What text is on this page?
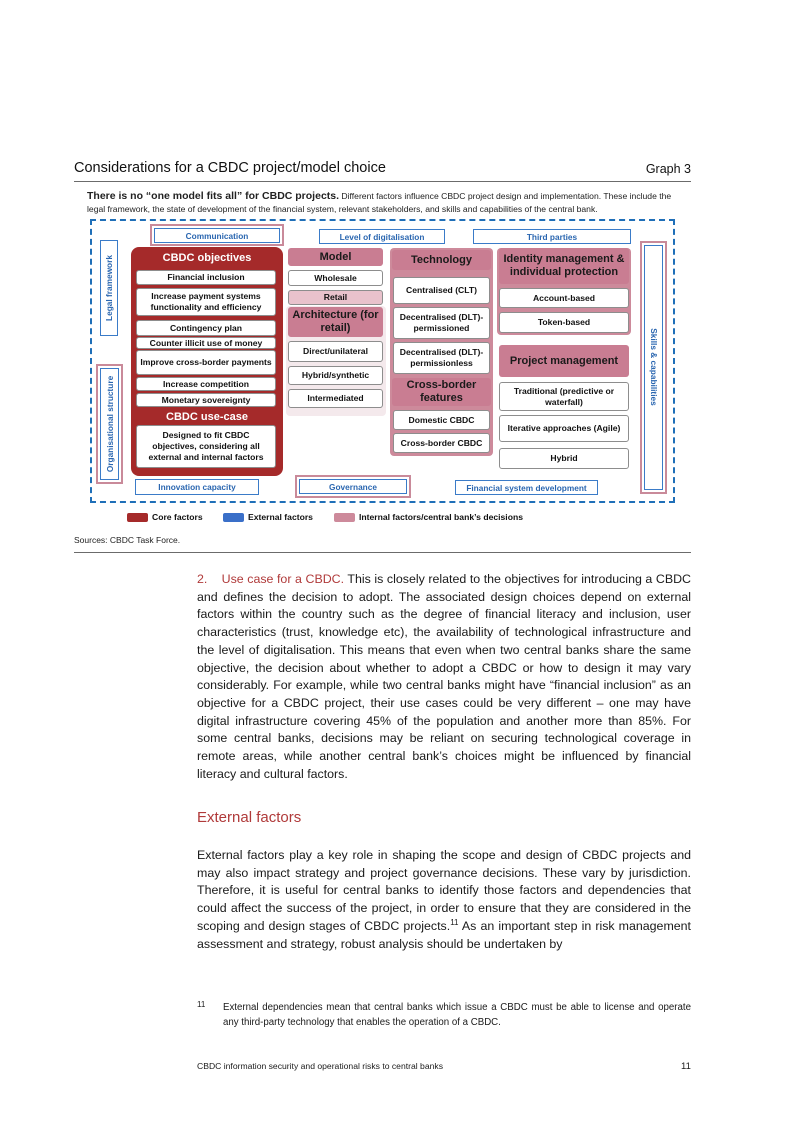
Considerations for a CBDC project/model choice	Graph 3
There is no “one model fits all” for CBDC projects. Different factors influence CBDC project design and implementation. These include the legal framework, the state of development of the financial system, relevant stakeholders, and skills and capabilities of the central bank.
Communication	Level of digitalisation	Third parties
Innovation capacity	Governance	Financial system development
Legal framework
Organisational structure
Skills & capabilities
CBDC objectives
Financial inclusion
Increase payment systems functionality and efficiency
Contingency plan
Counter illicit use of money
Improve cross-border payments
Increase competition
Monetary sovereignty
CBDC use-case
Designed to fit CBDC objectives, considering all external and internal factors
Model
Wholesale
Retail
Architecture (for retail)
Direct/unilateral
Hybrid/synthetic
Intermediated
Technology
Centralised (CLT)
Decentralised (DLT)-permissioned
Decentralised (DLT)-permissionless
Cross-border features
Domestic CBDC
Cross-border CBDC
Identity management & individual protection
Account-based
Token-based
Project management
Traditional (predictive or waterfall)
Iterative approaches (Agile)
Hybrid
Core factors	External factors	Internal factors/central bank’s decisions
Sources: CBDC Task Force.
2.    Use case for a CBDC. This is closely related to the objectives for introducing a CBDC and defines the decision to adopt. The associated design choices depend on external factors within the country such as the degree of financial literacy and inclusion, user characteristics (trust, knowledge etc), the availability of technological infrastructure and the level of digitalisation. This means that even when two central banks share the same objective, the decision about whether to adopt a CBDC or how to design it may vary considerably. For example, while two central banks might have “financial inclusion” as an objective for a CBDC project, their use cases could be very different – one may have digital infrastructure covering 45% of the population and another more than 85%. For some central banks, decisions may be reliant on securing technological coverage in remote areas, while another central bank’s choices might be influenced by financial literacy and cultural factors.
External factors
External factors play a key role in shaping the scope and design of CBDC projects and may also impact strategy and project governance decisions. These vary by jurisdiction. Therefore, it is useful for central banks to identify those factors and dependencies that could affect the success of the project, in order to ensure that they are considered in the scoping and design stages of CBDC projects.$^{11}$ As an important step in risk management assessment and strategy, robust analysis should be undertaken by
11 External dependencies mean that central banks which issue a CBDC must be able to license and operate any third-party technology that enables the operation of a CBDC.
CBDC information security and operational risks to central banks	11
